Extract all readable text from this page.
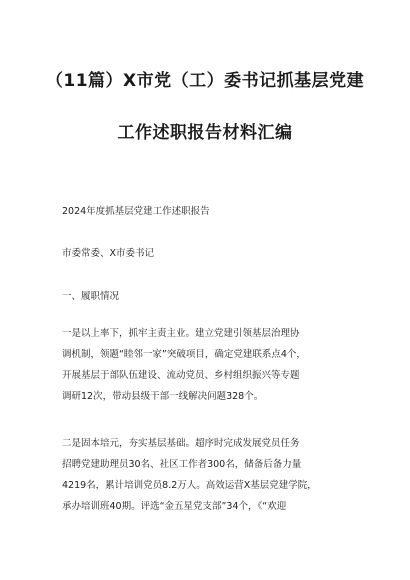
（11篇）X市党（工）委书记抓基层党建
工作述职报告材料汇编
2024年度抓基层党建工作述职报告
市委常委、X市委书记
一、履职情况
一是以上率下，抓牢主责主业。建立党建引领基层治理协
调机制，领题“睦邻一家”突破项目，确定党建联系点4个，
开展基层于部队伍建设、流动党员、乡村组织振兴等专题
调研12次，带动县级干部一线解决问题328个。
二是固本培元，夯实基层基础。超序时完成发展党员任务
招聘党建助理员30名、社区工作者300名，储备后备力量
4219名，累计培训党员8.2万人。高效运营X基层党建学院，
承办培训班40期。评选“金五星党支部”34个，《“欢迎
